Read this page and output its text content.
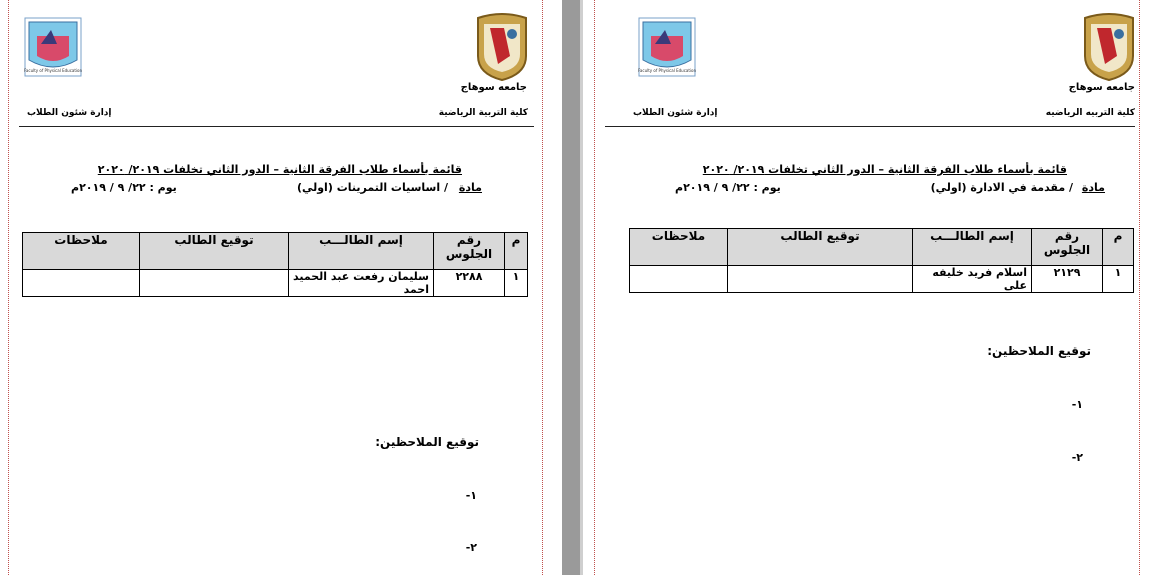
Faculty of Physical Education
جامعه سوهاج
كلية التربية الرياضية
إدارة شئون الطلاب
قائمة بأسماء طلاب الفرقة الثانية – الدور الثاني تخلفات ٢٠١٩/ ٢٠٢٠
مادة
/ اساسيات التمرينات (اولي)
يوم : ٢٢/ ٩ / ٢٠١٩م
م	رقم الجلوس	إسم الطالـــب	توقيع الطالب	ملاحظات
١	٢٢٨٨	سليمان رفعت عبد الحميد احمد		
توقيع الملاحظين:
١-
٢-
Faculty of Physical Education
جامعه سوهاج
كلية التربيه الرياضيه
إدارة شئون الطلاب
قائمة بأسماء طلاب الفرقة الثانية – الدور الثاني تخلفات ٢٠١٩/ ٢٠٢٠
مادة
/ مقدمة في الادارة (اولي)
يوم : ٢٢/ ٩ / ٢٠١٩م
م	رقم الجلوس	إسم الطالـــب	توقيع الطالب	ملاحظات
١	٢١٢٩	اسلام فريد خليفه على		
توقيع الملاحظين:
١-
٢-
